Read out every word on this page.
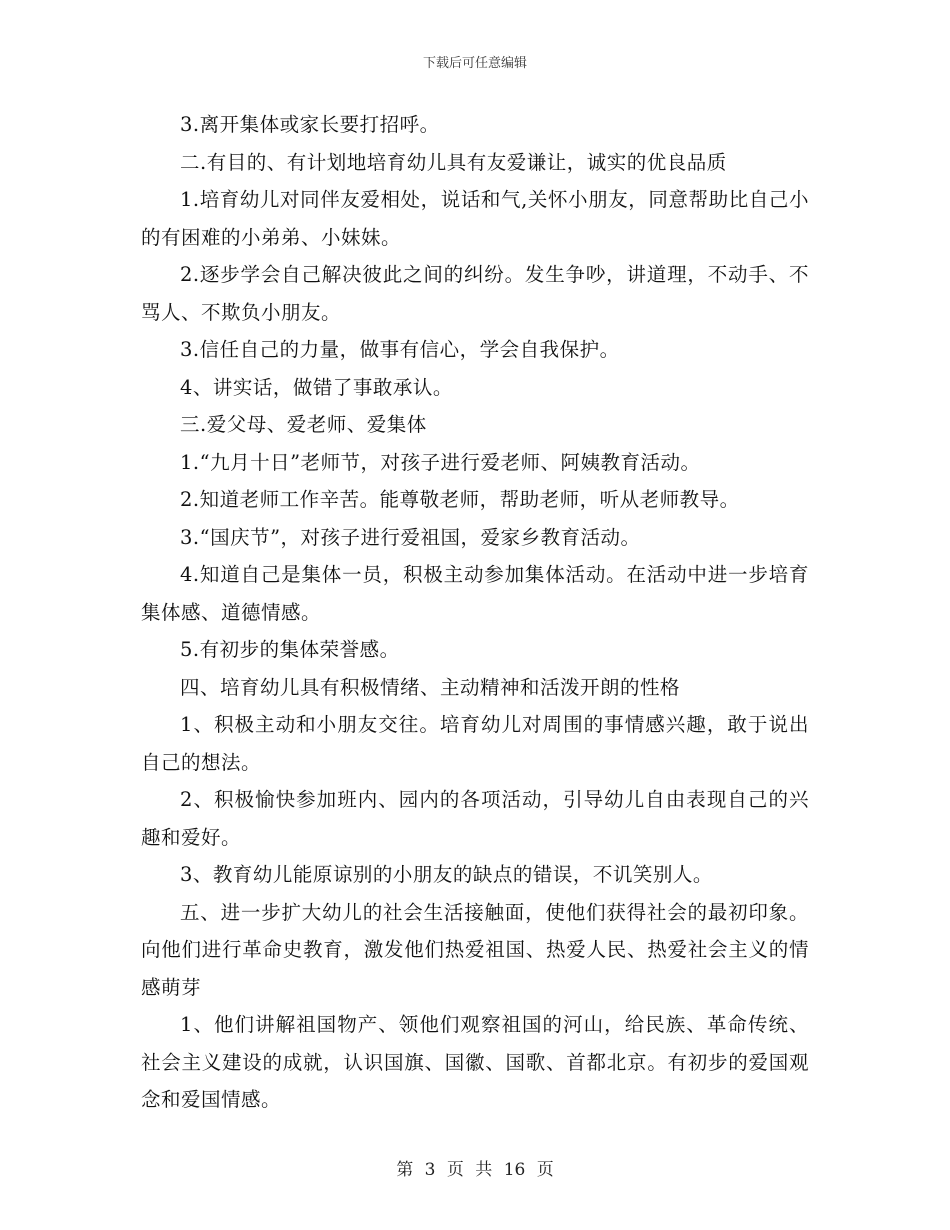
下载后可任意编辑

3.离开集体或家长要打招呼。

二.有目的、有计划地培育幼儿具有友爱谦让，诚实的优良品质

1.培育幼儿对同伴友爱相处，说话和气,关怀小朋友，同意帮助比自己小的有困难的小弟弟、小妹妹。

2.逐步学会自己解决彼此之间的纠纷。发生争吵，讲道理，不动手、不骂人、不欺负小朋友。

3.信任自己的力量，做事有信心，学会自我保护。

4、讲实话，做错了事敢承认。

三.爱父母、爱老师、爱集体

1.“九月十日”老师节，对孩子进行爱老师、阿姨教育活动。

2.知道老师工作辛苦。能尊敬老师，帮助老师，听从老师教导。

3.“国庆节”，对孩子进行爱祖国，爱家乡教育活动。

4.知道自己是集体一员，积极主动参加集体活动。在活动中进一步培育集体感、道德情感。

5.有初步的集体荣誉感。

四、培育幼儿具有积极情绪、主动精神和活泼开朗的性格

1、积极主动和小朋友交往。培育幼儿对周围的事情感兴趣，敢于说出自己的想法。

2、积极愉快参加班内、园内的各项活动，引导幼儿自由表现自己的兴趣和爱好。

3、教育幼儿能原谅别的小朋友的缺点的错误，不讥笑别人。

五、进一步扩大幼儿的社会生活接触面，使他们获得社会的最初印象。向他们进行革命史教育，激发他们热爱祖国、热爱人民、热爱社会主义的情感萌芽

1、他们讲解祖国物产、领他们观察祖国的河山，给民族、革命传统、社会主义建设的成就，认识国旗、国徽、国歌、首都北京。有初步的爱国观念和爱国情感。

第 3 页 共 16 页
